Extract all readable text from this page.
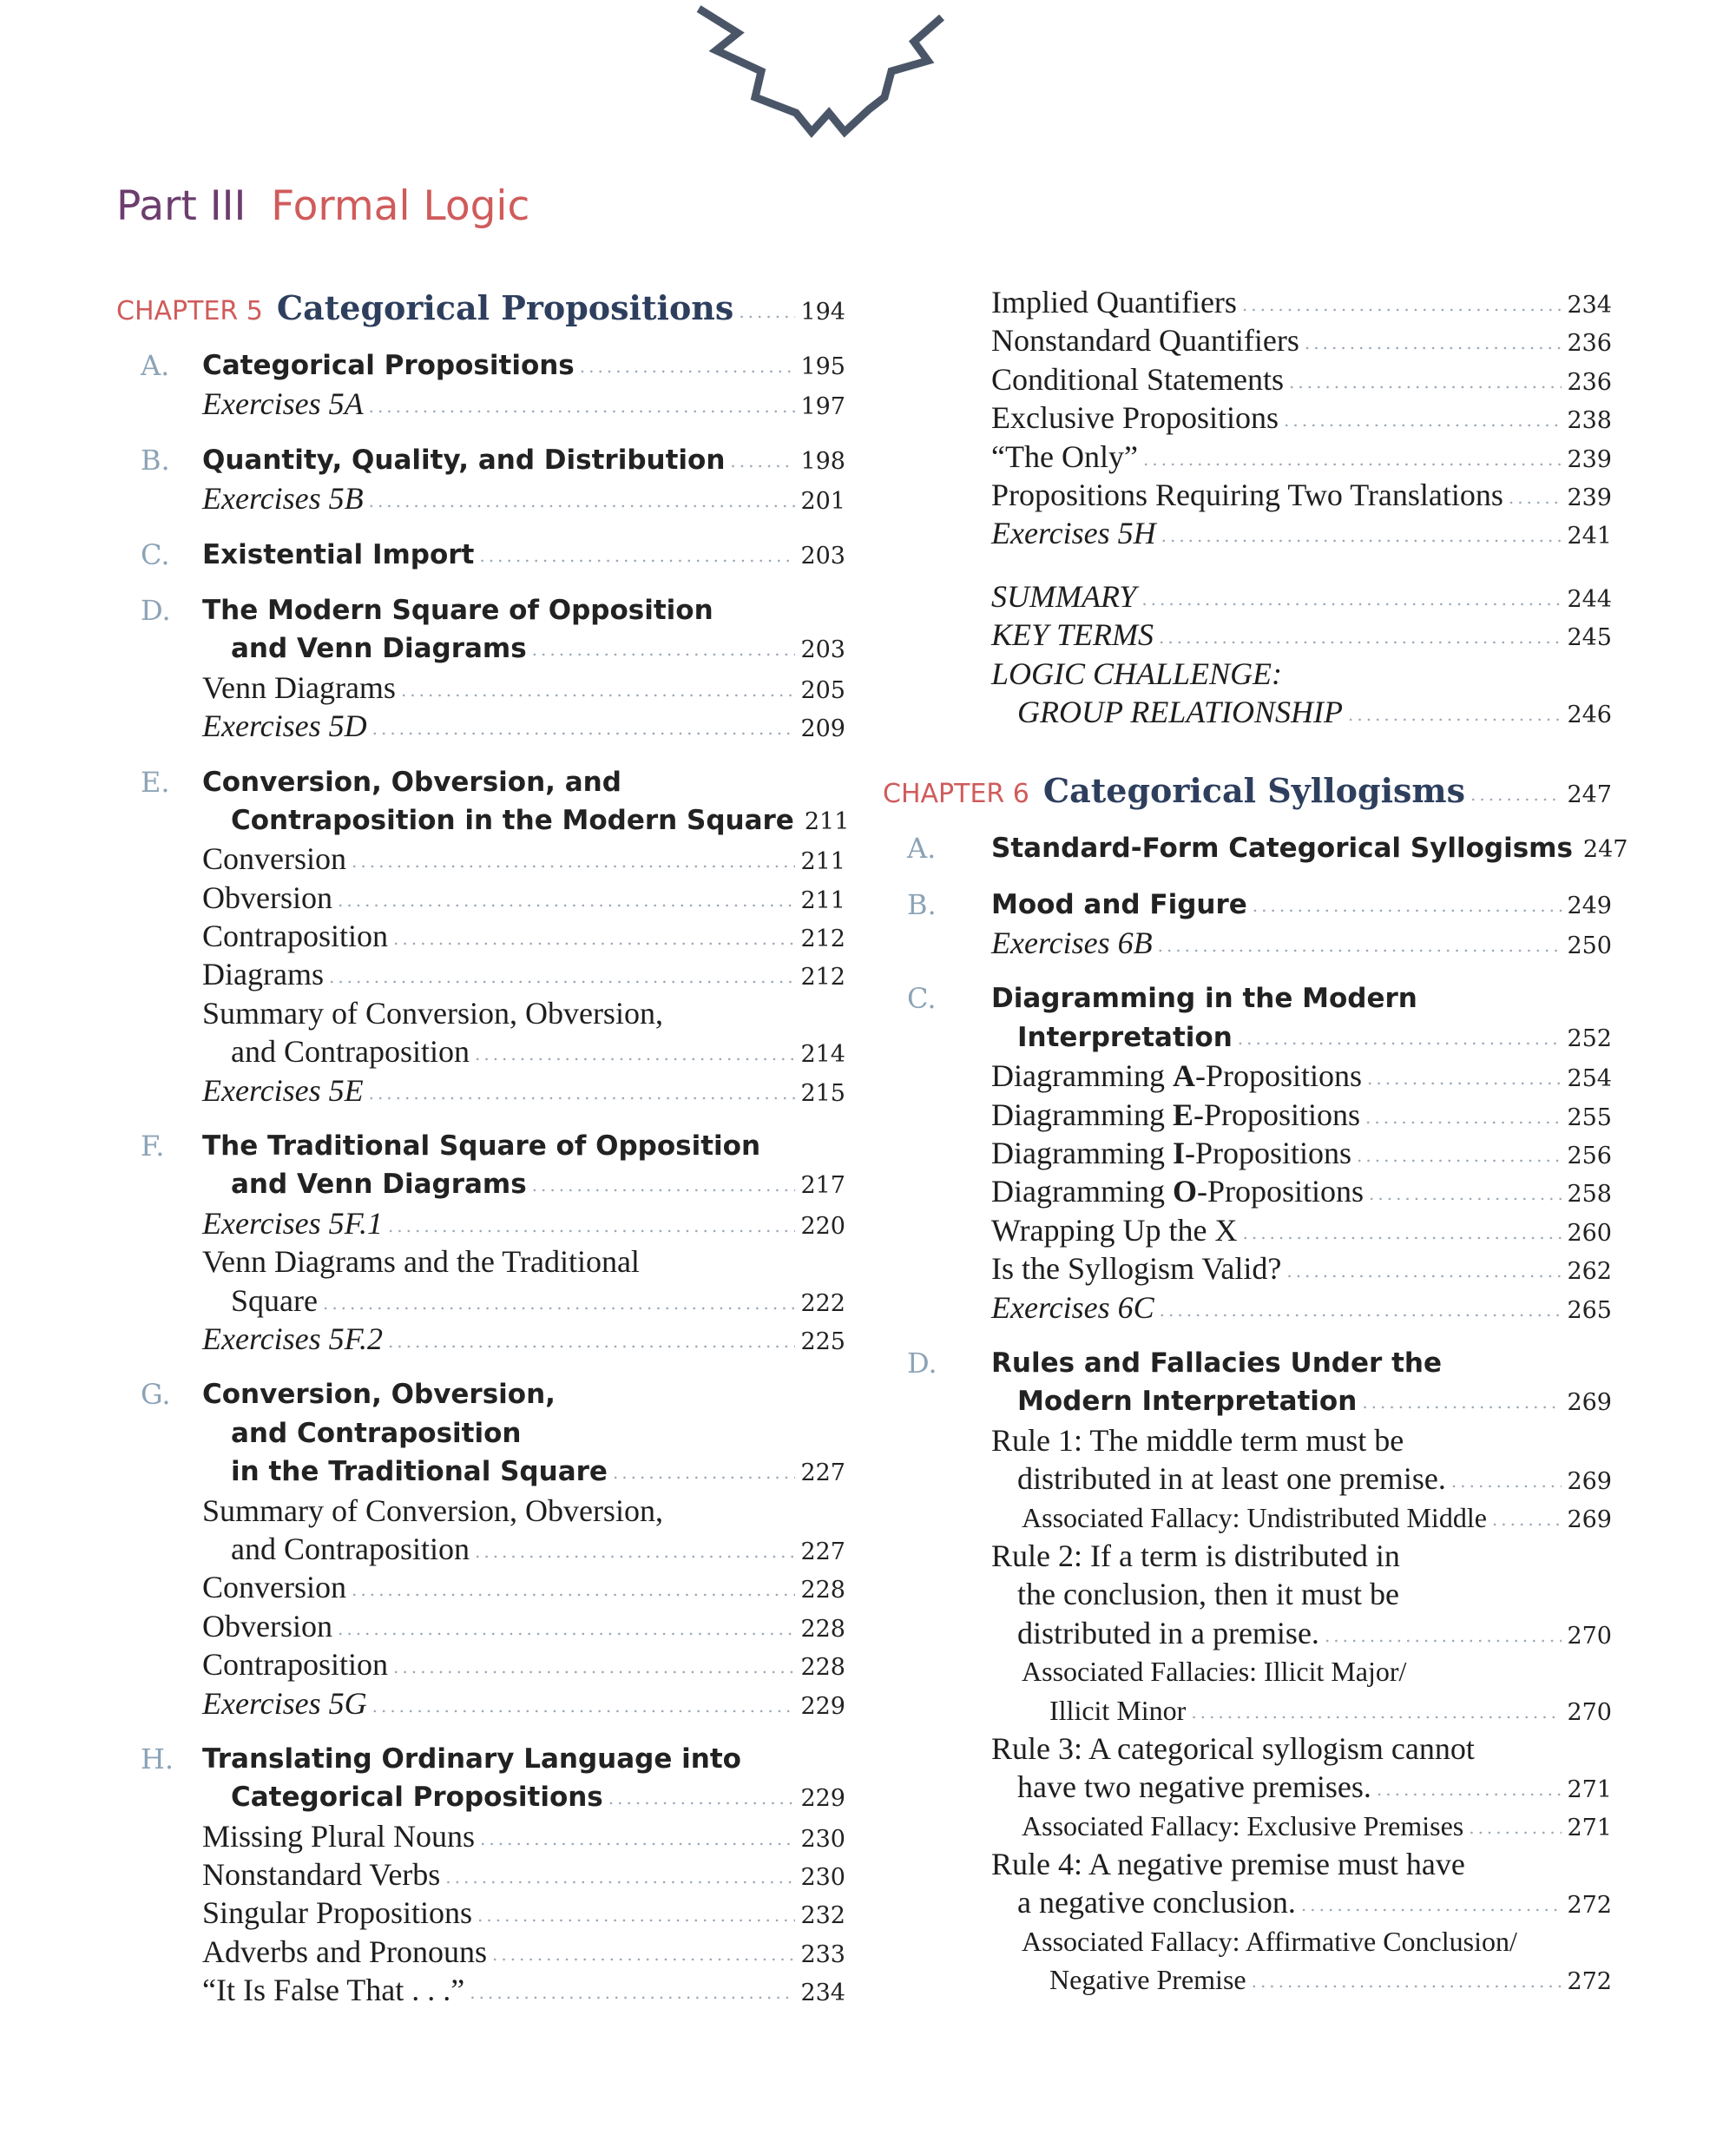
Part III Formal Logic
CHAPTER 5 Categorical Propositions .....	194
A. Categorical Propositions .....	195
Exercises 5A .....	197
B. Quantity, Quality, and Distribution .....	198
Exercises 5B .....	201
C. Existential Import .....	203
D. The Modern Square of Opposition
and Venn Diagrams .....	203
Venn Diagrams .....	205
Exercises 5D .....	209
E. Conversion, Obversion, and
Contraposition in the Modern Square 211
Conversion .....	211
Obversion .....	211
Contraposition .....	212
Diagrams .....	212
Summary of Conversion, Obversion,
and Contraposition .....	214
Exercises 5E .....	215
F. The Traditional Square of Opposition
and Venn Diagrams .....	217
Exercises 5F.1 .....	220
Venn Diagrams and the Traditional
Square .....	222
Exercises 5F.2 .....	225
G. Conversion, Obversion,
and Contraposition
in the Traditional Square .....	227
Summary of Conversion, Obversion,
and Contraposition .....	227
Conversion .....	228
Obversion .....	228
Contraposition .....	228
Exercises 5G .....	229
H. Translating Ordinary Language into
Categorical Propositions .....	229
Missing Plural Nouns .....	230
Nonstandard Verbs .....	230
Singular Propositions .....	232
Adverbs and Pronouns .....	233
“It Is False That . . .” .....	234
Implied Quantifiers .....	234
Nonstandard Quantifiers .....	236
Conditional Statements .....	236
Exclusive Propositions .....	238
“The Only” .....	239
Propositions Requiring Two Translations .....	239
Exercises 5H .....	241
SUMMARY .....	244
KEY TERMS .....	245
LOGIC CHALLENGE:
GROUP RELATIONSHIP .....	246
CHAPTER 6 Categorical Syllogisms .....	247
A. Standard-Form Categorical Syllogisms 247
B. Mood and Figure .....	249
Exercises 6B .....	250
C. Diagramming in the Modern
Interpretation .....	252
Diagramming A-Propositions .....	254
Diagramming E-Propositions .....	255
Diagramming I-Propositions .....	256
Diagramming O-Propositions .....	258
Wrapping Up the X .....	260
Is the Syllogism Valid? .....	262
Exercises 6C .....	265
D. Rules and Fallacies Under the
Modern Interpretation .....	269
Rule 1: The middle term must be
distributed in at least one premise. .....	269
Associated Fallacy: Undistributed Middle .....	269
Rule 2: If a term is distributed in
the conclusion, then it must be
distributed in a premise. .....	270
Associated Fallacies: Illicit Major/
Illicit Minor .....	270
Rule 3: A categorical syllogism cannot
have two negative premises. .....	271
Associated Fallacy: Exclusive Premises .....	271
Rule 4: A negative premise must have
a negative conclusion. .....	272
Associated Fallacy: Affirmative Conclusion/
Negative Premise .....	272
